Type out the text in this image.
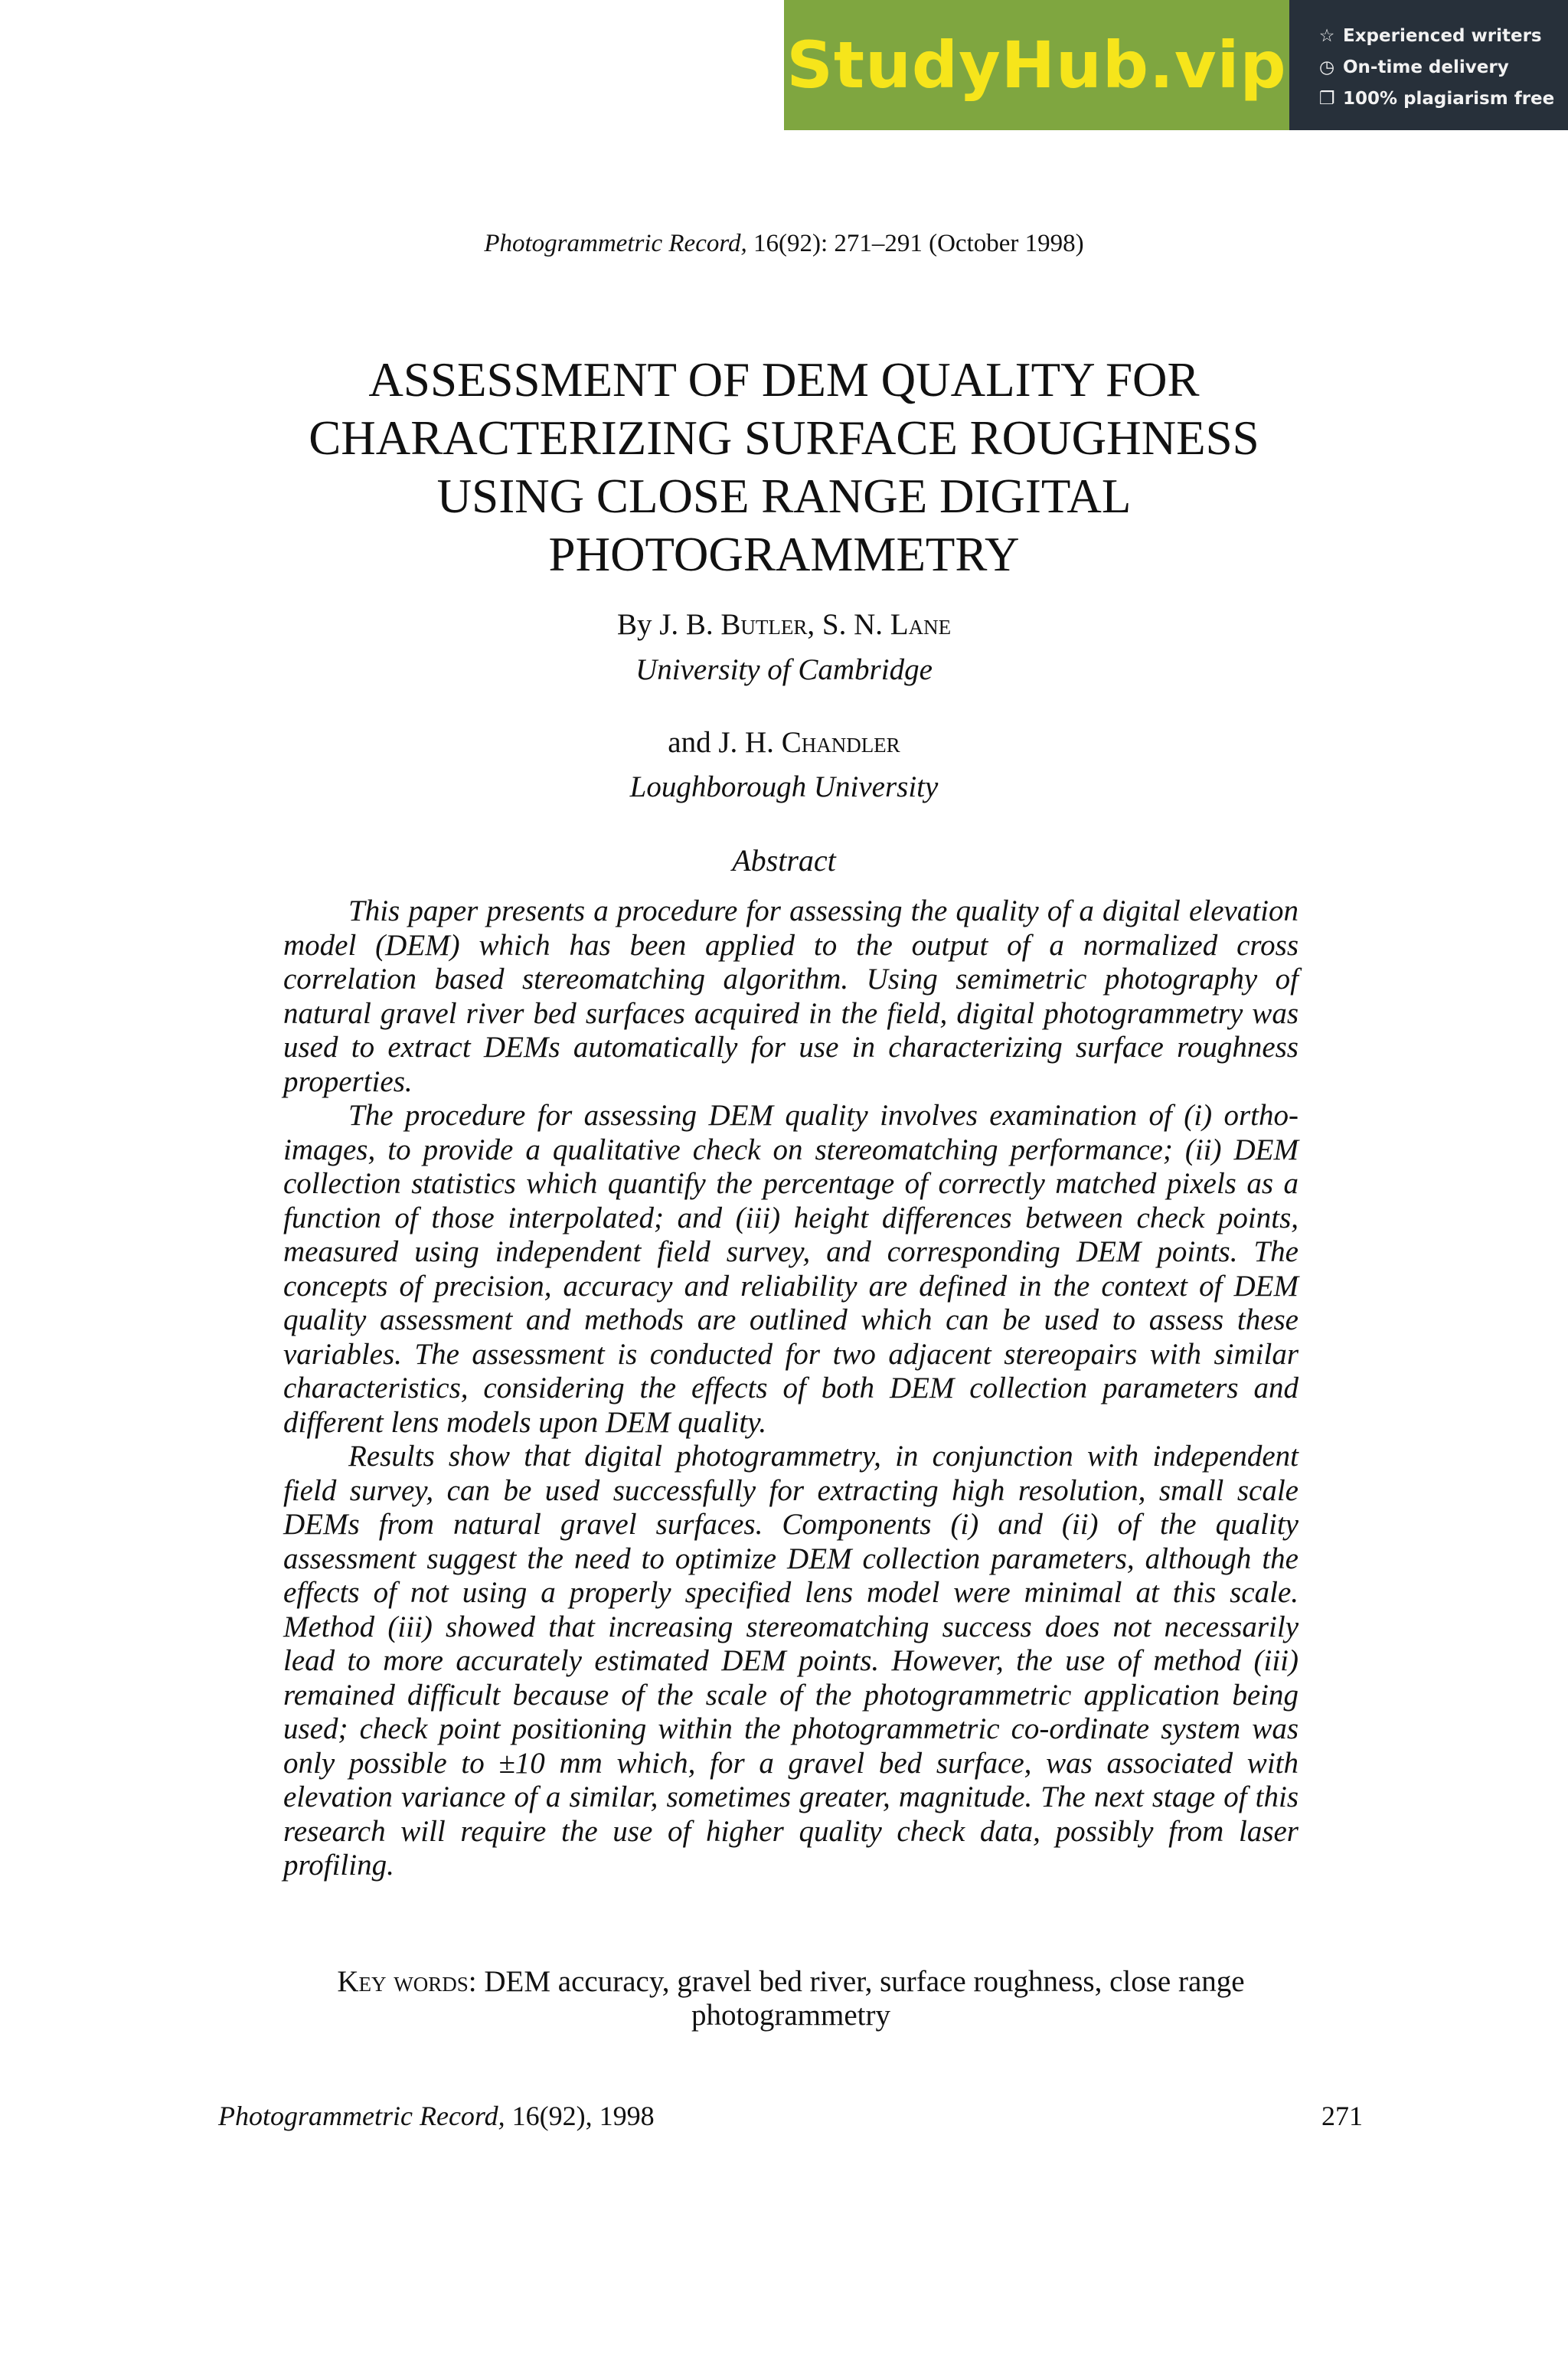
StudyHub.vip ☆ Experienced writers
◷ On-time delivery
❐ 100% plagiarism free
Photogrammetric Record, 16(92): 271–291 (October 1998)
ASSESSMENT OF DEM QUALITY FOR
CHARACTERIZING SURFACE ROUGHNESS
USING CLOSE RANGE DIGITAL
PHOTOGRAMMETRY
By J. B. Butler, S. N. Lane
University of Cambridge
and J. H. Chandler
Loughborough University
Abstract

This paper presents a procedure for assessing the quality of a digital elevation model (DEM) which has been applied to the output of a normalized cross correlation based stereomatching algorithm. Using semimetric photography of natural gravel river bed surfaces acquired in the field, digital photogrammetry was used to extract DEMs automatically for use in characterizing surface roughness properties.

The procedure for assessing DEM quality involves examination of (i) ortho-images, to provide a qualitative check on stereomatching performance; (ii) DEM collection statistics which quantify the percentage of correctly matched pixels as a function of those interpolated; and (iii) height differences between check points, measured using independent field survey, and corresponding DEM points. The concepts of precision, accuracy and reliability are defined in the context of DEM quality assessment and methods are outlined which can be used to assess these variables. The assessment is conducted for two adjacent stereopairs with similar characteristics, considering the effects of both DEM collection parameters and different lens models upon DEM quality.

Results show that digital photogrammetry, in conjunction with independent field survey, can be used successfully for extracting high resolution, small scale DEMs from natural gravel surfaces. Components (i) and (ii) of the quality assessment suggest the need to optimize DEM collection parameters, although the effects of not using a properly specified lens model were minimal at this scale. Method (iii) showed that increasing stereomatching success does not necessarily lead to more accurately estimated DEM points. However, the use of method (iii) remained difficult because of the scale of the photogrammetric application being used; check point positioning within the photogrammetric co-ordinate system was only possible to ±10 mm which, for a gravel bed surface, was associated with elevation variance of a similar, sometimes greater, magnitude. The next stage of this research will require the use of higher quality check data, possibly from laser profiling.

Key words: DEM accuracy, gravel bed river, surface roughness, close range photogrammetry
Photogrammetric Record, 16(92), 1998	271
